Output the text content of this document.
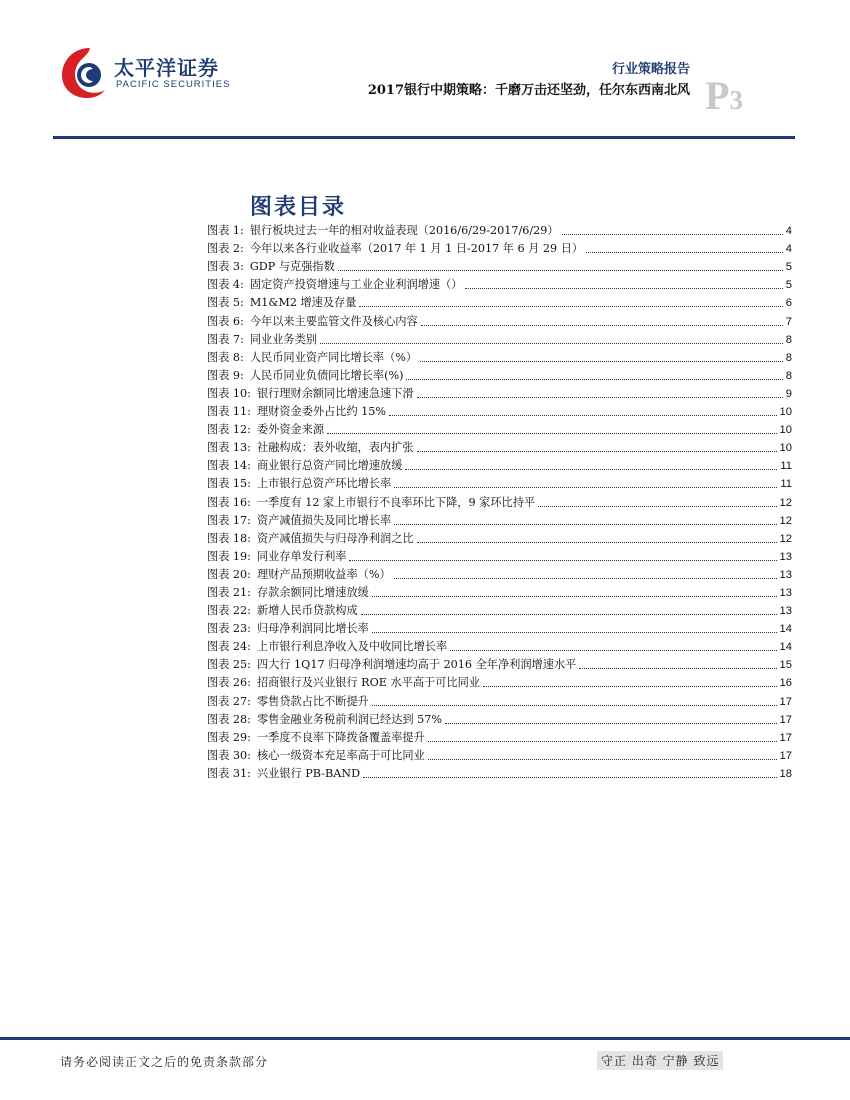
太平洋证券
PACIFIC SECURITIES
行业策略报告
2017银行中期策略：千磨万击还坚劲，任尔东西南北风 P3
图表目录
图表 1: 银行板块过去一年的相对收益表现（2016/6/29-2017/6/29）	4
图表 2: 今年以来各行业收益率（2017 年 1 月 1 日-2017 年 6 月 29 日）	4
图表 3: GDP 与克强指数	5
图表 4: 固定资产投资增速与工业企业利润增速（）	5
图表 5: M1&M2 增速及存量	6
图表 6: 今年以来主要监管文件及核心内容	7
图表 7: 同业业务类别	8
图表 8: 人民币同业资产同比增长率（%）	8
图表 9: 人民币同业负债同比增长率(%)	8
图表 10: 银行理财余额同比增速急速下滑	9
图表 11: 理财资金委外占比约 15%	10
图表 12: 委外资金来源	10
图表 13: 社融构成：表外收缩，表内扩张	10
图表 14: 商业银行总资产同比增速放缓	11
图表 15: 上市银行总资产环比增长率	11
图表 16: 一季度有 12 家上市银行不良率环比下降，9 家环比持平	12
图表 17: 资产减值损失及同比增长率	12
图表 18: 资产减值损失与归母净利润之比	12
图表 19: 同业存单发行利率	13
图表 20: 理财产品预期收益率（%）	13
图表 21: 存款余额同比增速放缓	13
图表 22: 新增人民币贷款构成	13
图表 23: 归母净利润同比增长率	14
图表 24: 上市银行利息净收入及中收同比增长率	14
图表 25: 四大行 1Q17 归母净利润增速均高于 2016 全年净利润增速水平	15
图表 26: 招商银行及兴业银行 ROE 水平高于可比同业	16
图表 27: 零售贷款占比不断提升	17
图表 28: 零售金融业务税前利润已经达到 57%	17
图表 29: 一季度不良率下降拨备覆盖率提升	17
图表 30: 核心一级资本充足率高于可比同业	17
图表 31: 兴业银行 PB-BAND	18
请务必阅读正文之后的免责条款部分	守正 出奇 宁静 致远
